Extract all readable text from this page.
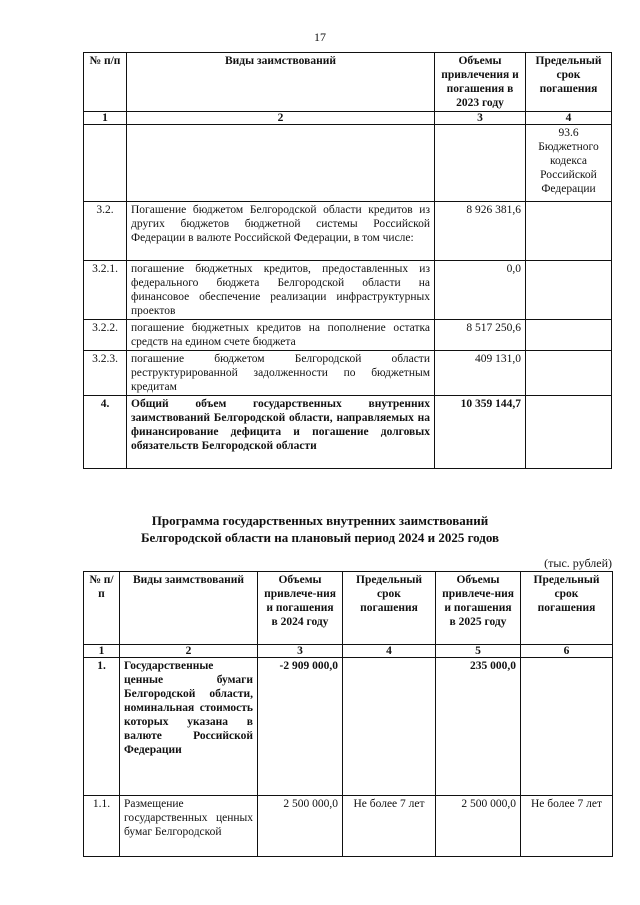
17
№ п/п	Виды заимствований	Объемы привлечения и погашения в 2023 году	Предельный срок погашения
1	2	3	4
			93.6 Бюджетного кодекса Российской Федерации
3.2.	Погашение бюджетом Белгородской области кредитов из других бюджетов бюджетной системы Российской Федерации в валюте Российской Федерации, в том числе:	8 926 381,6	
3.2.1.	погашение бюджетных кредитов, предоставленных из федерального бюджета Белгородской области на финансовое обеспечение реализации инфраструктурных проектов	0,0	
3.2.2.	погашение бюджетных кредитов на пополнение остатка средств на едином счете бюджета	8 517 250,6	
3.2.3.	погашение бюджетом Белгородской области реструктурированной задолженности по бюджетным кредитам	409 131,0	
4.	Общий объем государственных внутренних заимствований Белгородской области, направляемых на финансирование дефицита и погашение долговых обязательств Белгородской области	10 359 144,7	
Программа государственных внутренних заимствований
Белгородской области на плановый период 2024 и 2025 годов
(тыс. рублей)
№ п/п	Виды заимствований	Объемы привлече-ния и погашения в 2024 году	Предельный срок погашения	Объемы привлече-ния и погашения в 2025 году	Предельный срок погашения
1	2	3	4	5	6
1.	Государственные ценные бумаги Белгородской области, номинальная стоимость которых указана в валюте Российской Федерации	-2 909 000,0		235 000,0	
1.1.	Размещение государственных ценных бумаг Белгородской	2 500 000,0	Не более 7 лет	2 500 000,0	Не более 7 лет
